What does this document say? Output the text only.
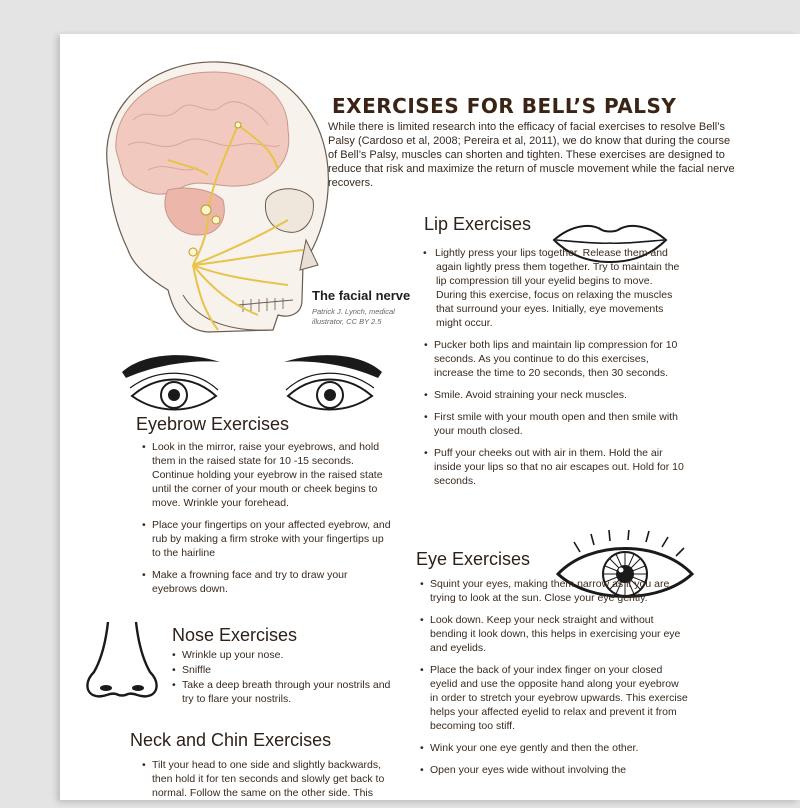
The facial nerve
Patrick J. Lynch, medical illustrator, CC BY 2.5
EXERCISES FOR BELL’S PALSY
While there is limited research into the efficacy of facial exercises to resolve Bell’s Palsy (Cardoso et al, 2008; Pereira et al, 2011), we do know that during the course of Bell’s Palsy, muscles can shorten and tighten. These exercises are designed to reduce that risk and maximize the return of muscle movement while the facial nerve recovers.
Lip Exercises
• Lightly press your lips together. Release them and again lightly press them together. Try to maintain the lip compression till your eyelid begins to move. During this exercise, focus on relaxing the muscles that surround your eyes. Initially, eye movements might occur.
• Pucker both lips and maintain lip compression for 10 seconds. As you continue to do this exercises, increase the time to 20 seconds, then 30 seconds.
• Smile. Avoid straining your neck muscles.
• First smile with your mouth open and then smile with your mouth closed.
• Puff your cheeks out with air in them. Hold the air inside your lips so that no air escapes out. Hold for 10 seconds.
Eyebrow Exercises
• Look in the mirror, raise your eyebrows, and hold them in the raised state for 10 -15 seconds. Continue holding your eyebrow in the raised state until the corner of your mouth or cheek begins to move. Wrinkle your forehead.
• Place your fingertips on your affected eyebrow, and rub by making a firm stroke with your fingertips up to the hairline
• Make a frowning face and try to draw your eyebrows down.
Nose Exercises
• Wrinkle up your nose.
• Sniffle
• Take a deep breath through your nostrils and try to flare your nostrils.
Neck and Chin Exercises
• Tilt your head to one side and slightly backwards, then hold it for ten seconds and slowly get back to normal. Follow the same on the other side. This
Eye Exercises
• Squint your eyes, making them narrow as if you are trying to look at the sun. Close your eye gently.
• Look down. Keep your neck straight and without bending it look down, this helps in exercising your eye and eyelids.
• Place the back of your index finger on your closed eyelid and use the opposite hand along your eyebrow in order to stretch your eyebrow upwards. This exercise helps your affected eyelid to relax and prevent it from becoming too stiff.
• Wink your one eye gently and then the other.
• Open your eyes wide without involving the
